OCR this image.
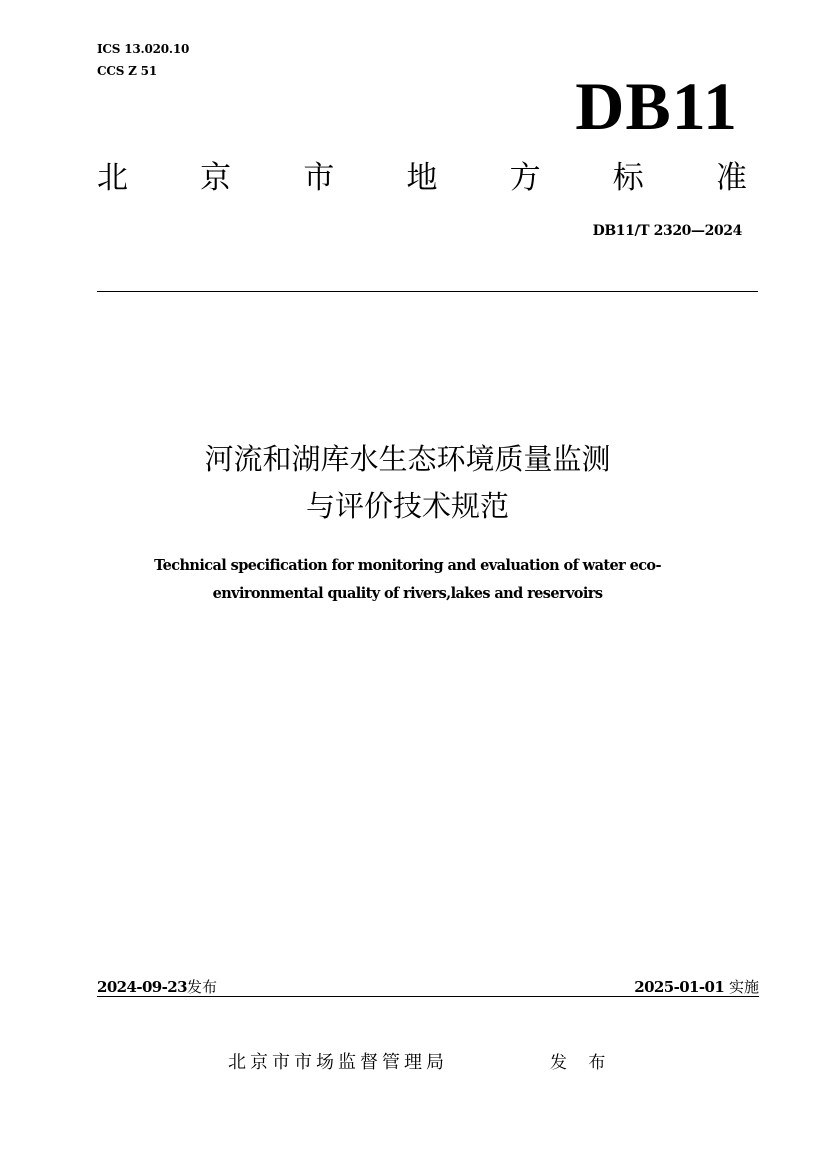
ICS 13.020.10
CCS Z 51	DB11
北 京 市 地 方 标 准
DB11/T 2320—2024
河流和湖库水生态环境质量监测
与评价技术规范
Technical specification for monitoring and evaluation of water eco-
environmental quality of rivers,lakes and reservoirs
2024-09-23发布	2025-01-01 实施
北京市市场监督管理局	发 布
